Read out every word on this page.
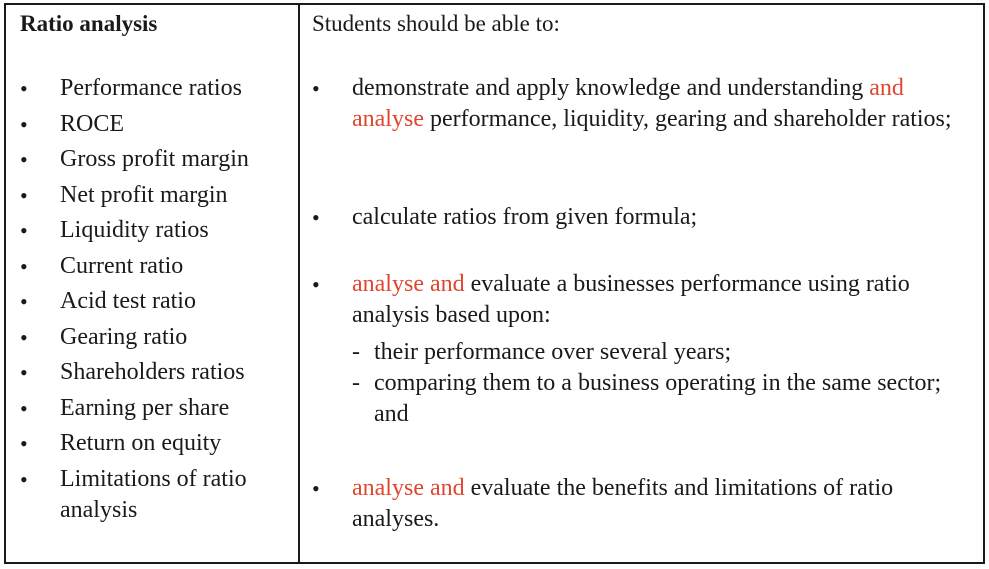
Ratio analysis

• Performance ratios
• ROCE
• Gross profit margin
• Net profit margin
• Liquidity ratios
• Current ratio
• Acid test ratio
• Gearing ratio
• Shareholders ratios
• Earning per share
• Return on equity
• Limitations of ratio analysis

Students should be able to:

• demonstrate and apply knowledge and understanding and analyse performance, liquidity, gearing and shareholder ratios;
• calculate ratios from given formula;
• analyse and evaluate a businesses performance using ratio analysis based upon:
- their performance over several years;
- comparing them to a business operating in the same sector; and
• analyse and evaluate the benefits and limitations of ratio analyses.
